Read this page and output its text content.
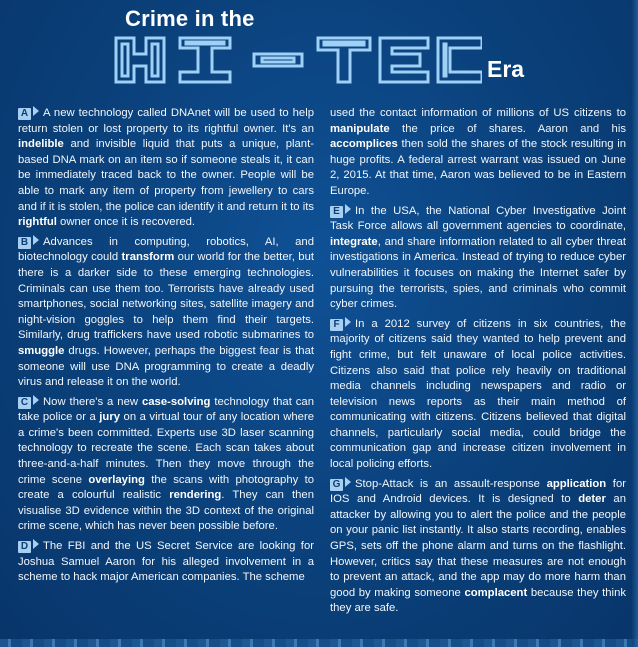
Crime in the
Era

A A new technology called DNAnet will be used to help return stolen or lost property to its rightful owner. It's an indelible and invisible liquid that puts a unique, plant-based DNA mark on an item so if someone steals it, it can be immediately traced back to the owner. People will be able to mark any item of property from jewellery to cars and if it is stolen, the police can identify it and return it to its rightful owner once it is recovered.

B Advances in computing, robotics, AI, and biotechnology could transform our world for the better, but there is a darker side to these emerging technologies. Criminals can use them too. Terrorists have already used smartphones, social networking sites, satellite imagery and night-vision goggles to help them find their targets. Similarly, drug traffickers have used robotic submarines to smuggle drugs. However, perhaps the biggest fear is that someone will use DNA programming to create a deadly virus and release it on the world.

C Now there's a new case-solving technology that can take police or a jury on a virtual tour of any location where a crime's been committed. Experts use 3D laser scanning technology to recreate the scene. Each scan takes about three-and-a-half minutes. Then they move through the crime scene overlaying the scans with photography to create a colourful realistic rendering. They can then visualise 3D evidence within the 3D context of the original crime scene, which has never been possible before.

D The FBI and the US Secret Service are looking for Joshua Samuel Aaron for his alleged involvement in a scheme to hack major American companies. The scheme

used the contact information of millions of US citizens to manipulate the price of shares. Aaron and his accomplices then sold the shares of the stock resulting in huge profits. A federal arrest warrant was issued on June 2, 2015. At that time, Aaron was believed to be in Eastern Europe.

E In the USA, the National Cyber Investigative Joint Task Force allows all government agencies to coordinate, integrate, and share information related to all cyber threat investigations in America. Instead of trying to reduce cyber vulnerabilities it focuses on making the Internet safer by pursuing the terrorists, spies, and criminals who commit cyber crimes.

F In a 2012 survey of citizens in six countries, the majority of citizens said they wanted to help prevent and fight crime, but felt unaware of local police activities. Citizens also said that police rely heavily on traditional media channels including newspapers and radio or television news reports as their main method of communicating with citizens. Citizens believed that digital channels, particularly social media, could bridge the communication gap and increase citizen involvement in local policing efforts.

G Stop-Attack is an assault-response application for IOS and Android devices. It is designed to deter an attacker by allowing you to alert the police and the people on your panic list instantly. It also starts recording, enables GPS, sets off the phone alarm and turns on the flashlight. However, critics say that these measures are not enough to prevent an attack, and the app may do more harm than good by making someone complacent because they think they are safe.
